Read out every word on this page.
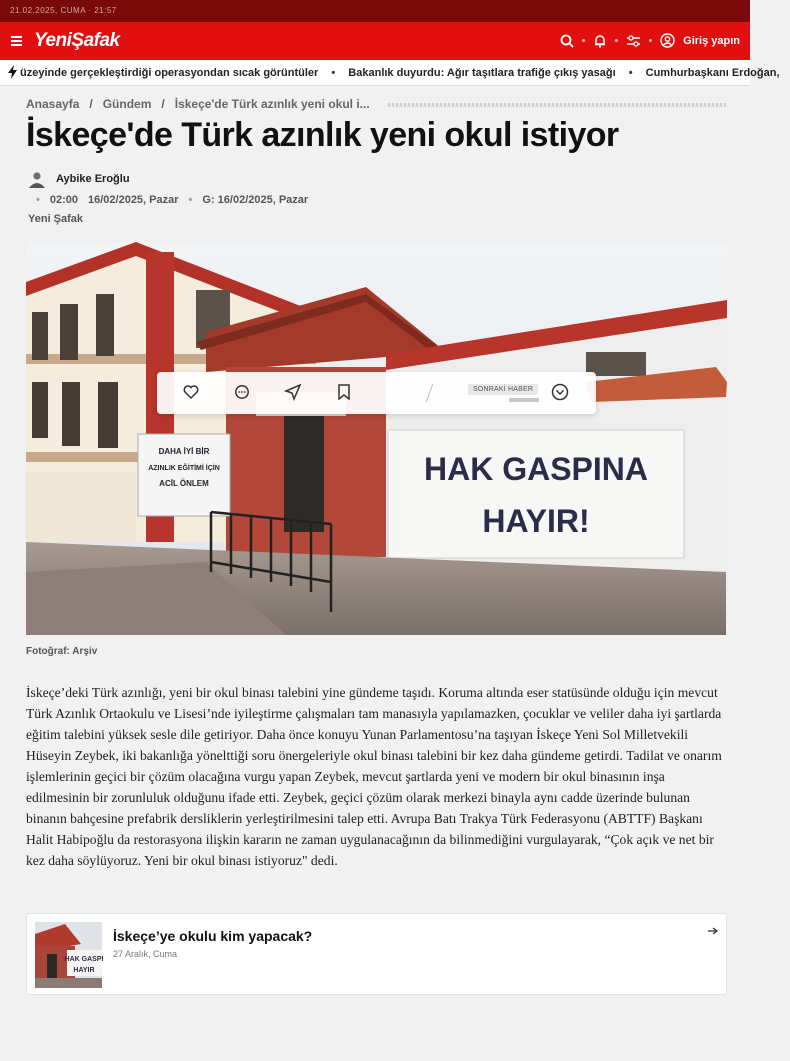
21.02.2025, CUMA · 21:57
YeniŞafak	Giriş yapın
üzeyinde gerçekleştirdiği operasyondan sıcak görüntüler • Bakanlık duyurdu: Ağır taşıtlara trafiğe çıkış yasağı • Cumhurbaşkanı Erdoğan,
Anasayfa / Gündem / İskeçe'de Türk azınlık yeni okul i...
İskeçe'de Türk azınlık yeni okul istiyor
Aybike Eroğlu
• 02:00 16/02/2025, Pazar • G: 16/02/2025, Pazar
Yeni Şafak
HAK GASPINA
HAYIR!
DAHA İYİ BİR
AZINLIK EĞİTİMİ İÇİN
ACİL ÖNLEM
SONRAKİ HABER
Fotoğraf: Arşiv

İskeçe’deki Türk azınlığı, yeni bir okul binası talebini yine gündeme taşıdı. Koruma altında eser statüsünde olduğu için mevcut Türk Azınlık Ortaokulu ve Lisesi’nde iyileştirme çalışmaları tam manasıyla yapılamazken, çocuklar ve veliler daha iyi şartlarda eğitim talebini yüksek sesle dile getiriyor. Daha önce konuyu Yunan Parlamentosu’na taşıyan İskeçe Yeni Sol Milletvekili Hüseyin Zeybek, iki bakanlığa yönelttiği soru önergeleriyle okul binası talebini bir kez daha gündeme getirdi. Tadilat ve onarım işlemlerinin geçici bir çözüm olacağına vurgu yapan Zeybek, mevcut şartlarda yeni ve modern bir okul binasının inşa edilmesinin bir zorunluluk olduğunu ifade etti. Zeybek, geçici çözüm olarak merkezi binayla aynı cadde üzerinde bulunan binanın bahçesine prefabrik dersliklerin yerleştirilmesini talep etti. Avrupa Batı Trakya Türk Federasyonu (ABTTF) Başkanı Halit Habipoğlu da restorasyona ilişkin kararın ne zaman uygulanacağının da bilinmediğini vurgulayarak, “Çok açık ve net bir kez daha söylüyoruz. Yeni bir okul binası istiyoruz" dedi.

HAK GASPI
HAYIR
İskeçe’ye okulu kim yapacak?
27 Aralık, Cuma
